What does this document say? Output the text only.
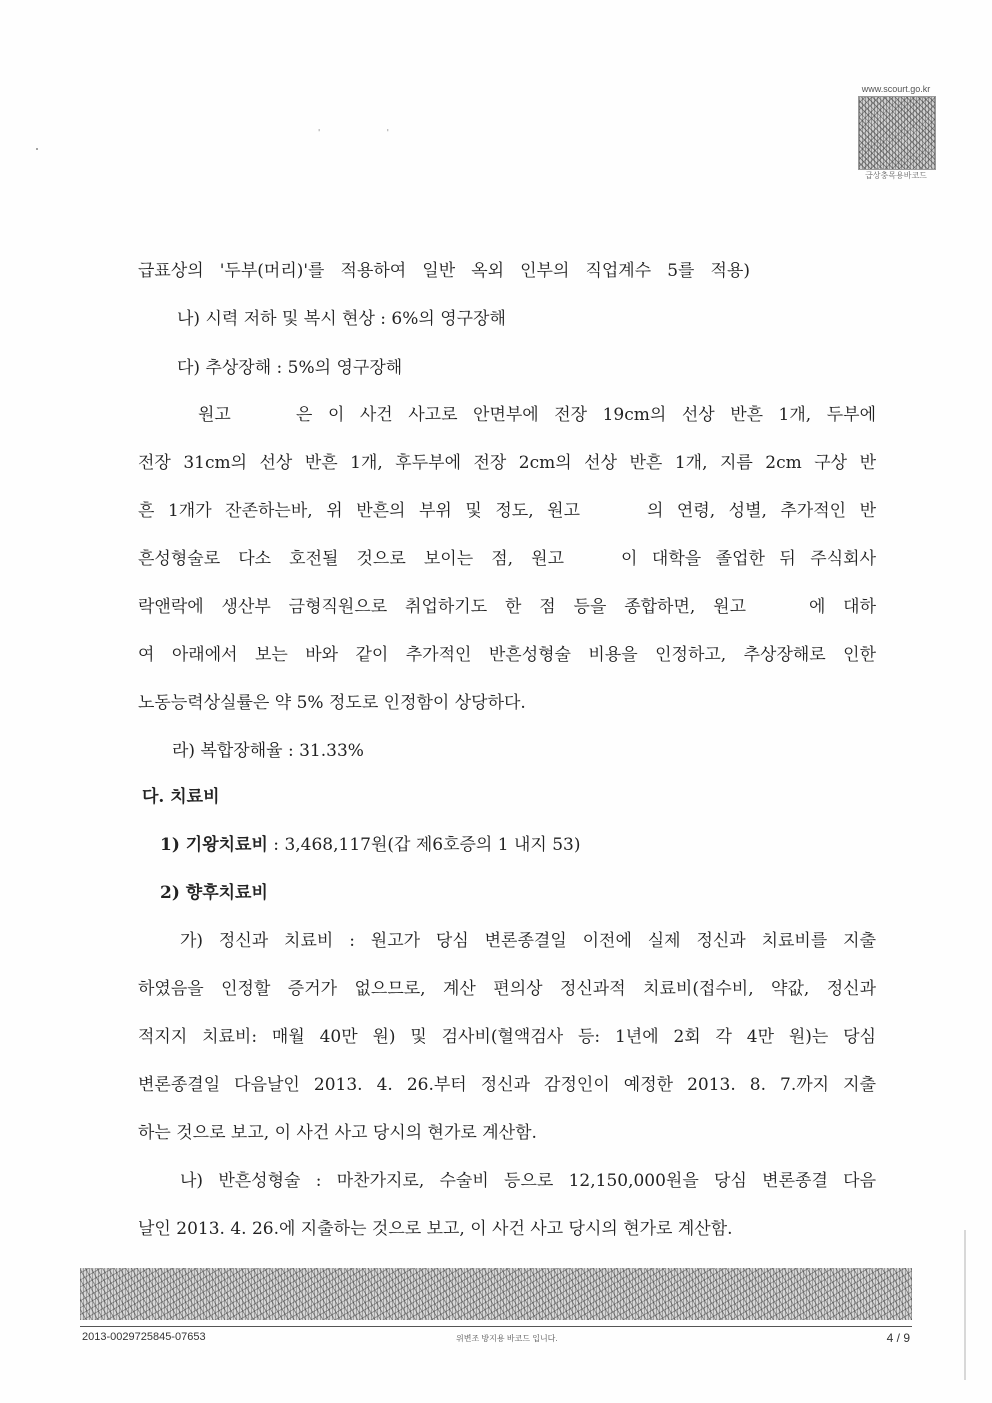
' '
www.scourt.go.kr
급상충목용바코드
급표상의 '두부(머리)'를 적용하여 일반 옥외 인부의 직업계수 5를 적용)
나) 시력 저하 및 복시 현상 : 6%의 영구장해
다) 추상장해 : 5%의 영구장해
원고	은 이 사건 사고로 안면부에 전장 19cm의 선상 반흔 1개, 두부에
전장 31cm의 선상 반흔 1개, 후두부에 전장 2cm의 선상 반흔 1개, 지름 2cm 구상 반
흔 1개가 잔존하는바, 위 반흔의 부위 및 정도, 원고	의 연령, 성별, 추가적인 반
흔성형술로 다소 호전될 것으로 보이는 점, 원고	이 대학을 졸업한 뒤 주식회사
락앤락에 생산부 금형직원으로 취업하기도 한 점 등을 종합하면, 원고	에 대하
여 아래에서 보는 바와 같이 추가적인 반흔성형술 비용을 인정하고, 추상장해로 인한
노동능력상실률은 약 5% 정도로 인정함이 상당하다.
라) 복합장해율 : 31.33%
다. 치료비
1) 기왕치료비 : 3,468,117원(갑 제6호증의 1 내지 53)
2) 향후치료비
가) 정신과 치료비 : 원고가 당심 변론종결일 이전에 실제 정신과 치료비를 지출
하였음을 인정할 증거가 없으므로, 계산 편의상 정신과적 치료비(접수비, 약값, 정신과
적지지 치료비: 매월 40만 원) 및 검사비(혈액검사 등: 1년에 2회 각 4만 원)는 당심
변론종결일 다음날인 2013. 4. 26.부터 정신과 감정인이 예정한 2013. 8. 7.까지 지출
하는 것으로 보고, 이 사건 사고 당시의 현가로 계산함.
나) 반흔성형술 : 마찬가지로, 수술비 등으로 12,150,000원을 당심 변론종결 다음
날인 2013. 4. 26.에 지출하는 것으로 보고, 이 사건 사고 당시의 현가로 계산함.
2013-0029725845-07653	위변조 방지용 바코드 입니다.	4 / 9
